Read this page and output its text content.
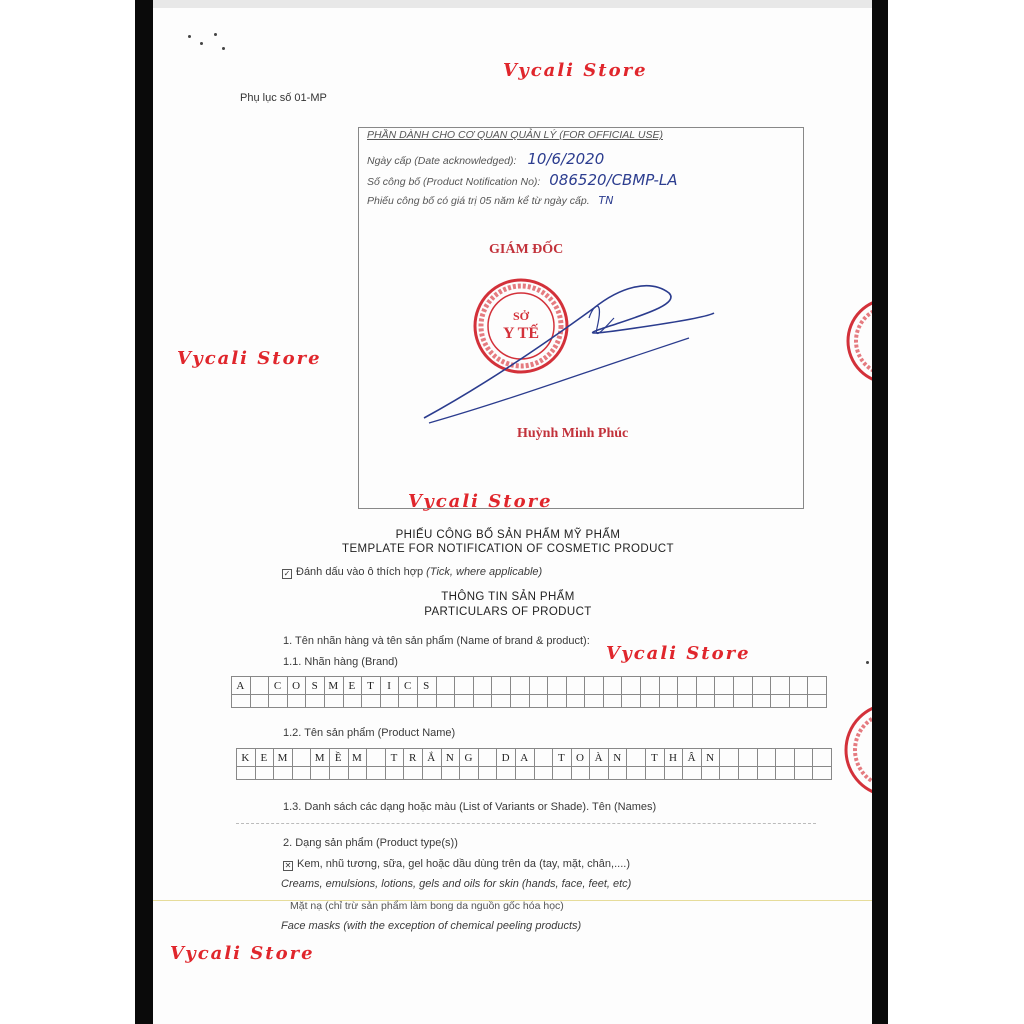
Vycali Store
Vycali Store
Vycali Store
Vycali Store
Vycali Store
Phụ lục số 01-MP
PHẦN DÀNH CHO CƠ QUAN QUẢN LÝ (FOR OFFICIAL USE)
Ngày cấp (Date acknowledged): 10/6/2020
Số công bố (Product Notification No): 086520/CBMP-LA
Phiếu công bố có giá trị 05 năm kể từ ngày cấp. TN
GIÁM ĐỐC
SỞ
Y TẾ
Huỳnh Minh Phúc
PHIẾU CÔNG BỐ SẢN PHẨM MỸ PHẨM
TEMPLATE FOR NOTIFICATION OF COSMETIC PRODUCT
✓ Đánh dấu vào ô thích hợp (Tick, where applicable)
THÔNG TIN SẢN PHẨM
PARTICULARS OF PRODUCT
1. Tên nhãn hàng và tên sản phẩm (Name of brand & product):
1.1. Nhãn hàng (Brand)
A		C	O	S	M	E	T	I	C	S																					

1.2. Tên sản phẩm (Product Name)
K	E	M		M	Ề	M		T	R	Ắ	N	G		D	A		T	O	À	N		T	H	Â	N						

1.3. Danh sách các dạng hoặc màu (List of Variants or Shade). Tên (Names)
2. Dạng sản phẩm (Product type(s))
✕ Kem, nhũ tương, sữa, gel hoặc dầu dùng trên da (tay, mặt, chân,....)
Creams, emulsions, lotions, gels and oils for skin (hands, face, feet, etc)
Mặt nạ (chỉ trừ sản phẩm làm bong da nguồn gốc hóa học)
Face masks (with the exception of chemical peeling products)
